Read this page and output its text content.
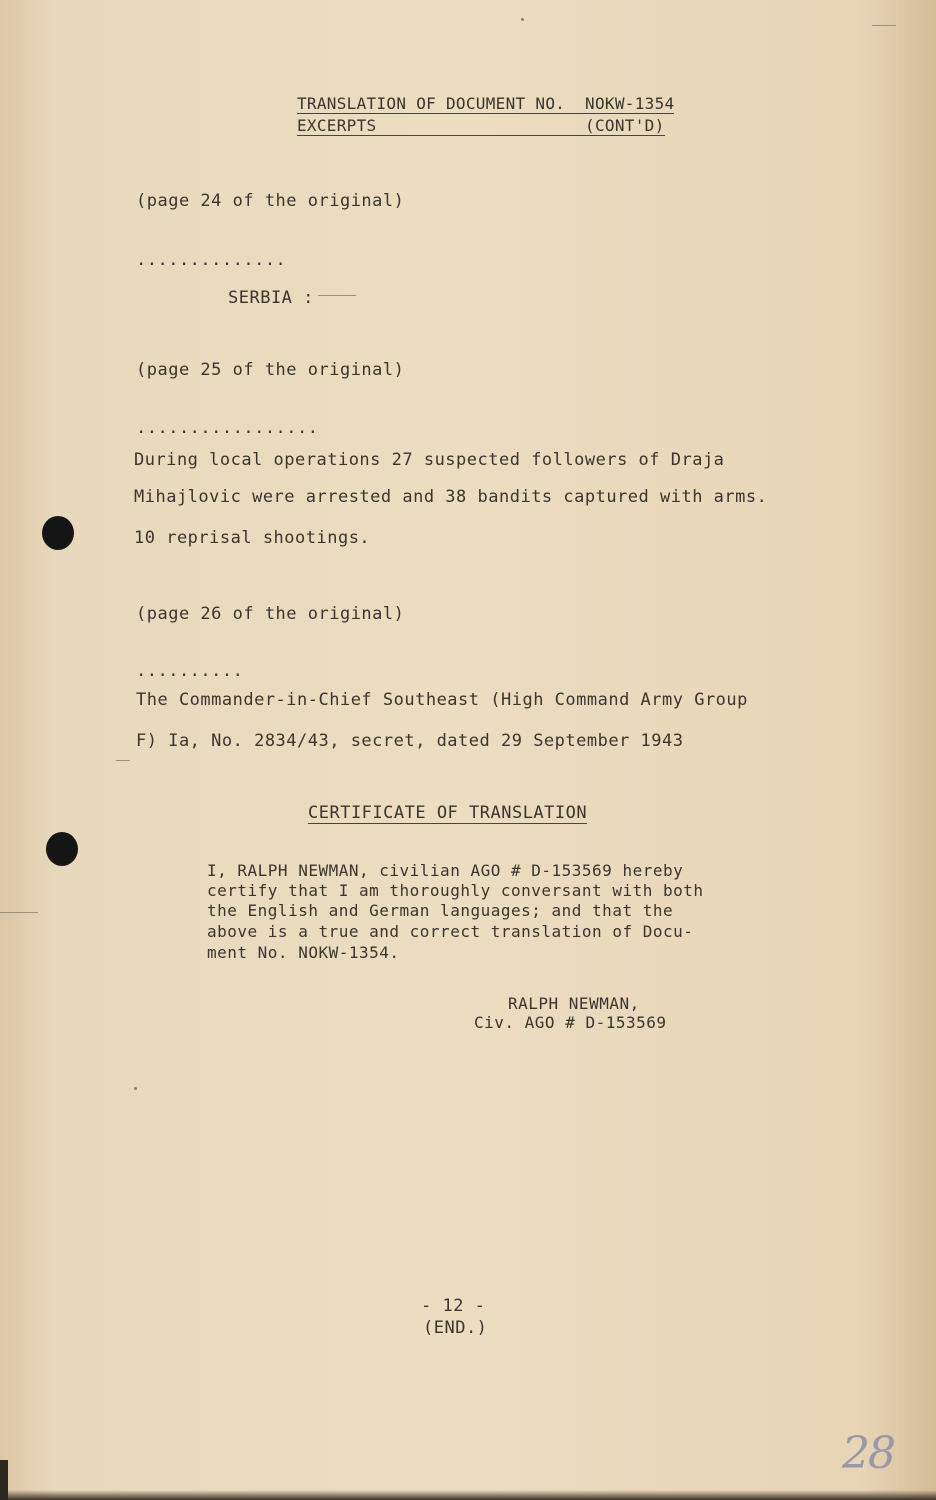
TRANSLATION OF DOCUMENT NO.  NOKW-1354
EXCERPTS                     (CONT'D)
(page 24 of the original)
..............
SERBIA :
(page 25 of the original)
.................
During local operations 27 suspected followers of Draja
Mihajlovic were arrested and 38 bandits captured with arms.
10 reprisal shootings.
(page 26 of the original)
..........
The Commander-in-Chief Southeast (High Command Army Group
F) Ia, No. 2834/43, secret, dated 29 September 1943
CERTIFICATE OF TRANSLATION
I, RALPH NEWMAN, civilian AGO # D-153569 hereby
certify that I am thoroughly conversant with both
the English and German languages; and that the
above is a true and correct translation of Docu-
ment No. NOKW-1354.
RALPH NEWMAN,
Civ. AGO # D-153569
- 12 -
(END.)
28
